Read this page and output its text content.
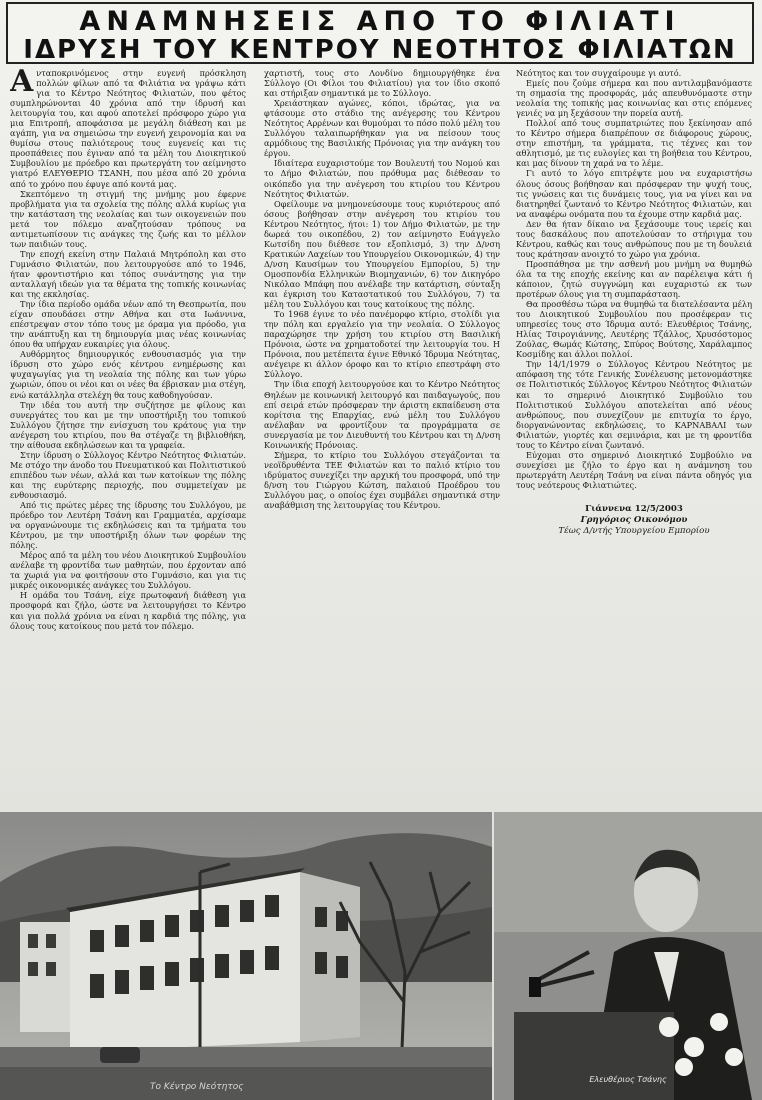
ΑΝΑΜΝΗΣΕΙΣ ΑΠΟ ΤΟ ΦΙΛΙΑΤΙ
ΙΔΡΥΣΗ ΤΟΥ ΚΕΝΤΡΟΥ ΝΕΟΤΗΤΟΣ ΦΙΛΙΑΤΩΝ

Ανταποκρινόμενος στην ευγενή πρόσκληση πολλών φίλων από τα Φιλιάτια να γράψω κάτι για το Κέντρο Νεότητος Φιλιατών, που φέτος συμπληρώνονται 40 χρόνια από την ίδρυσή και λειτουργία του, και αφού αποτελεί πρόσφορο χώρο για μια Επιτροπή, αποφάσισα με μεγάλη διάθεση και με αγάπη, για να σημειώσω την ευγενή χειρονομία και να θυμίσω στους παλιότερους τους ευγενείς και τις προσπάθειες που έγιναν από τα μέλη του Διοικητικού Συμβουλίου με πρόεδρο και πρωτεργάτη τον αείμνηστο γιατρό ΕΛΕΥΘΕΡΙΟ ΤΣΑΝΗ, που μέσα από 20 χρόνια από το χρόνο που έφυγε από κοντά μας.

Σκεπτόμενο τη στιγμή της μνήμης μου έφερνε προβλήματα για τα σχολεία της πόλης αλλά κυρίως για την κατάσταση της νεολαίας και των οικογενειών που μετά τον πόλεμο αναζητούσαν τρόπους να αντιμετωπίσουν τις ανάγκες της ζωής και το μέλλον των παιδιών τους.

Την εποχή εκείνη στην Παλαιά Μητρόπολη και στο Γυμνάσιο Φιλιατών, που λειτουργούσε από το 1946, ήταν φροντιστήριο και τόπος συνάντησης για την ανταλλαγή ιδεών για τα θέματα της τοπικής κοινωνίας και της εκκλησίας.

Την ίδια περίοδο ομάδα νέων από τη Θεσπρωτία, που είχαν σπουδάσει στην Αθήνα και στα Ιωάννινα, επέστρεψαν στον τόπο τους με όραμα για πρόοδο, για την ανάπτυξη και τη δημιουργία μιας νέας κοινωνίας όπου θα υπήρχαν ευκαιρίες για όλους.

Αυθόρμητος δημιουργικός ενθουσιασμός για την ίδρυση στο χώρο ενός κέντρου ενημέρωσης και ψυχαγωγίας για τη νεολαία της πόλης και των γύρω χωριών, όπου οι νέοι και οι νέες θα έβρισκαν μια στέγη, ενώ κατάλληλα στελέχη θα τους καθοδηγούσαν.

Την ιδέα του αυτή την συζήτησε με φίλους και συνεργάτες του και με την υποστήριξη του τοπικού Συλλόγου ζήτησε την ενίσχυση του κράτους για την ανέγερση του κτιρίου, που θα στέγαζε τη βιβλιοθήκη, την αίθουσα εκδηλώσεων και τα γραφεία.

Στην ίδρυση ο Σύλλογος Κέντρο Νεότητος Φιλιατών. Με στόχο την άνοδο του Πνευματικού και Πολιτιστικού επιπέδου των νέων, αλλά και των κατοίκων της πόλης και της ευρύτερης περιοχής, που συμμετείχαν με ενθουσιασμό.

Από τις πρώτες μέρες της ίδρυσης του Συλλόγου, με πρόεδρο τον Λευτέρη Τσάνη και Γραμματέα, αρχίσαμε να οργανώνουμε τις εκδηλώσεις και τα τμήματα του Κέντρου, με την υποστήριξη όλων των φορέων της πόλης.

Μέρος από τα μέλη του νέου Διοικητικού Συμβουλίου ανέλαβε τη φροντίδα των μαθητών, που έρχονταν από τα χωριά για να φοιτήσουν στο Γυμνάσιο, και για τις μικρές οικονομικές ανάγκες του Συλλόγου.

Η ομάδα του Τσάνη, είχε πρωτοφανή διάθεση για προσφορά και ζήλο, ώστε να λειτουργήσει το Κέντρο και για πολλά χρόνια να είναι η καρδιά της πόλης, για όλους τους κατοίκους που μετά τον πόλεμο.

χαρτιστή, τους στο Λονδίνο δημιουργήθηκε ένα Σύλλογο (Οι Φίλοι του Φιλιατίου) για τον ίδιο σκοπό και στήριξαν σημαντικά με το Σύλλογο.

Χρειάστηκαν αγώνες, κόποι, ιδρώτας, για να φτάσουμε στο στάδιο της ανέγερσης του Κέντρου Νεότητος Αρρένων και θυμούμαι το πόσο πολύ μέλη του Συλλόγου ταλαιπωρήθηκαν για να πείσουν τους αρμόδιους της Βασιλικής Πρόνοιας για την ανάγκη του έργου.

Ιδιαίτερα ευχαριστούμε τον Βουλευτή του Νομού και το Δήμο Φιλιατών, που πρόθυμα μας διέθεσαν το οικόπεδο για την ανέγερση του κτιρίου του Κέντρου Νεότητος Φιλιατών.

Οφείλουμε να μνημονεύσουμε τους κυριότερους από όσους βοήθησαν στην ανέγερση του κτιρίου του Κέντρου Νεότητος, ήτοι: 1) τον Δήμο Φιλιατών, με την δωρεά του οικοπέδου, 2) τον αείμνηστο Ευάγγελο Κωτσίδη που διέθεσε τον εξοπλισμό, 3) την Δ/νση Κρατικών Λαχείων του Υπουργείου Οικονομικών, 4) την Δ/νση Καυσίμων του Υπουργείου Εμπορίου, 5) την Ομοσπονδία Ελληνικών Βιομηχανιών, 6) τον Δικηγόρο Νικόλαο Μπάφη που ανέλαβε την κατάρτιση, σύνταξη και έγκριση του Καταστατικού του Συλλόγου, 7) τα μέλη του Συλλόγου και τους κατοίκους της πόλης.

Το 1968 έγινε το νέο πανέμορφο κτίριο, στολίδι για την πόλη και εργαλείο για την νεολαία. Ο Σύλλογος παραχώρησε την χρήση του κτιρίου στη Βασιλική Πρόνοια, ώστε να χρηματοδοτεί την λειτουργία του. Η Πρόνοια, που μετέπειτα έγινε Εθνικό Ίδρυμα Νεότητας, ανέγειρε κι άλλον όροφο και το κτίριο επεστράφη στο Σύλλογο.

Την ίδια εποχή λειτουργούσε και το Κέντρο Νεότητος Θηλέων με κοινωνική λειτουργό και παιδαγωγούς, που επί σειρά ετών πρόσφεραν την άριστη εκπαίδευση στα κορίτσια της Επαρχίας, ενώ μέλη του Συλλόγου ανέλαβαν να φροντίζουν τα προγράμματα σε συνεργασία με τον Διευθυντή του Κέντρου και τη Δ/νση Κοινωνικής Πρόνοιας.

Σήμερα, το κτίριο του Συλλόγου στεγάζονται τα νεοϊδρυθέντα ΤΕΕ Φιλιατών και το παλιό κτίριο του ιδρύματος συνεχίζει την αρχική του προσφορά, υπό την δ/νση του Γιώργου Κώτση, παλαιού Προέδρου του Συλλόγου μας, ο οποίος έχει συμβάλει σημαντικά στην αναβάθμιση της λειτουργίας του Κέντρου.

Νεότητος και τον συγχαίρουμε γι αυτό.

Εμείς που ζούμε σήμερα και που αντιλαμβανόμαστε τη σημασία της προσφοράς, μάς απευθυνόμαστε στην νεολαία της τοπικής μας κοινωνίας και στις επόμενες γενιές να μη ξεχάσουν την πορεία αυτή.

Πολλοί από τους συμπατριώτες που ξεκίνησαν από το Κέντρο σήμερα διαπρέπουν σε διάφορους χώρους, στην επιστήμη, τα γράμματα, τις τέχνες και τον αθλητισμό, με τις ευλογίες και τη βοήθεια του Κέντρου, και μας δίνουν τη χαρά να το λέμε.

Γι αυτό το λόγο επιτρέψτε μου να ευχαριστήσω όλους όσους βοήθησαν και πρόσφεραν την ψυχή τους, τις γνώσεις και τις δυνάμεις τους, για να γίνει και να διατηρηθεί ζωντανό το Κέντρο Νεότητος Φιλιατών, και να αναφέρω ονόματα που τα έχουμε στην καρδιά μας.

Δεν θα ήταν δίκαιο να ξεχάσουμε τους ιερείς και τους δασκάλους που αποτελούσαν το στήριγμα του Κέντρου, καθώς και τους ανθρώπους που με τη δουλειά τους κράτησαν ανοιχτό το χώρο για χρόνια.

Προσπάθησα με την ασθενή μου μνήμη να θυμηθώ όλα τα της εποχής εκείνης και αν παρέλειψα κάτι ή κάποιον, ζητώ συγγνώμη και ευχαριστώ εκ των προτέρων όλους για τη συμπαράσταση.

Θα προσθέσω τώρα να θυμηθώ τα διατελέσαντα μέλη του Διοικητικού Συμβουλίου που προσέφεραν τις υπηρεσίες τους στο Ίδρυμα αυτό: Ελευθέριος Τσάνης, Ηλίας Τσιρογιάννης, Λευτέρης Τζάλλος, Χρυσόστομος Ζούλας, Θωμάς Κώτσης, Σπύρος Βούτσης, Χαράλαμπος Κοσμίδης και άλλοι πολλοί.

Την 14/1/1979 ο Σύλλογος Κέντρου Νεότητος με απόφαση της τότε Γενικής Συνέλευσης μετονομάστηκε σε Πολιτιστικός Σύλλογος Κέντρου Νεότητος Φιλιατών και το σημερινό Διοικητικό Συμβούλιο του Πολιτιστικού Συλλόγου αποτελείται από νέους ανθρώπους, που συνεχίζουν με επιτυχία το έργο, διοργανώνοντας εκδηλώσεις, το ΚΑΡΝΑΒΑΛΙ των Φιλιατών, γιορτές και σεμινάρια, και με τη φροντίδα τους το Κέντρο είναι ζωντανό.

Εύχομαι στο σημερινό Διοικητικό Συμβούλιο να συνεχίσει με ζήλο το έργο και η ανάμνηση του πρωτεργάτη Λευτέρη Τσάνη να είναι πάντα οδηγός για τους νεότερους Φιλιατιώτες.

Γιάννενα 12/5/2003
Γρηγόριος Οικονόμου
Τέως Δ/ντής Υπουργείου Εμπορίου
Το Κέντρο Νεότητος
Ελευθέριος Τσάνης
